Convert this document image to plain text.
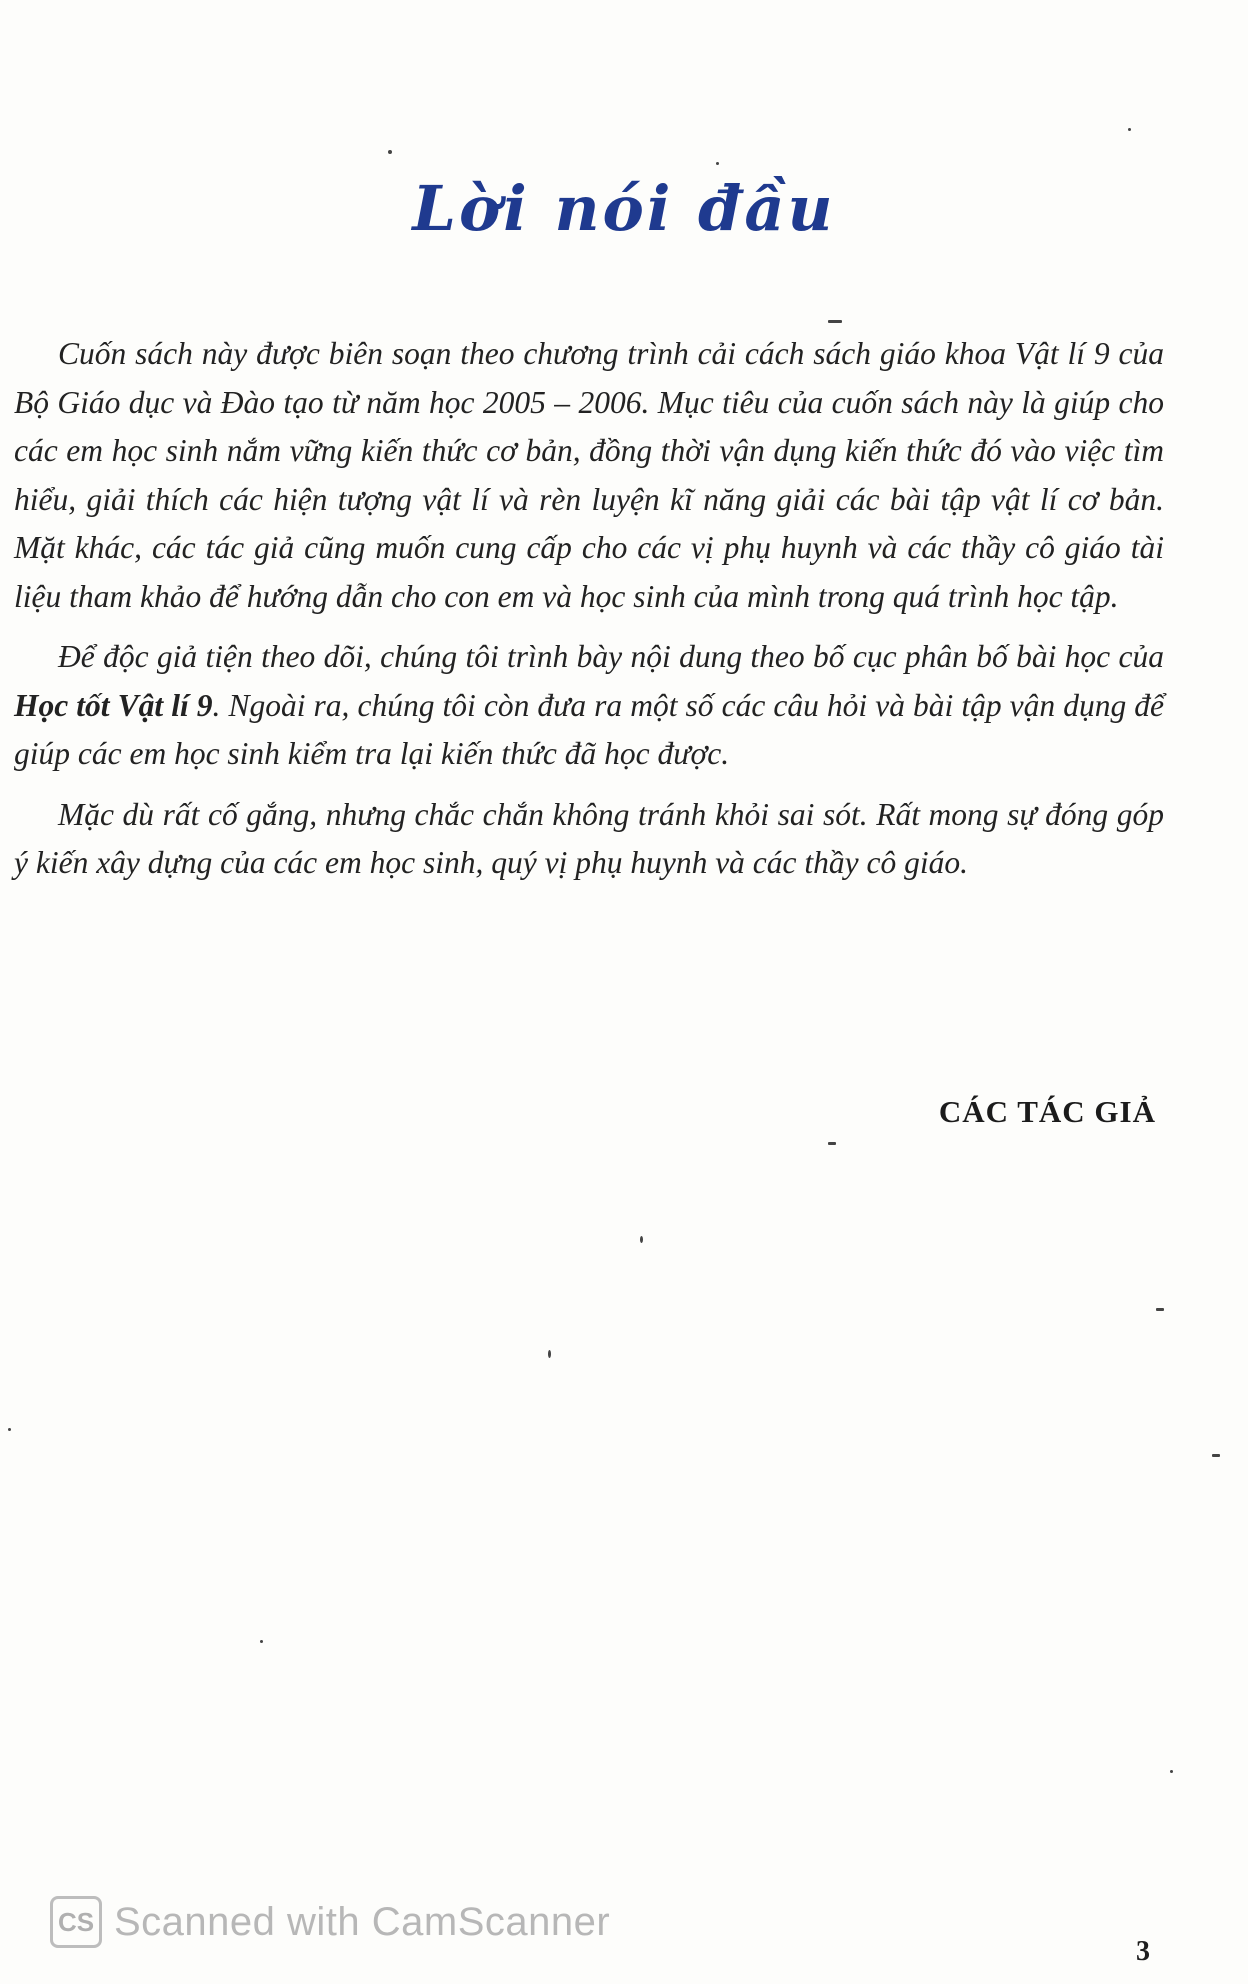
Lời nói đầu

Cuốn sách này được biên soạn theo chương trình cải cách sách giáo khoa Vật lí 9 của Bộ Giáo dục và Đào tạo từ năm học 2005 – 2006. Mục tiêu của cuốn sách này là giúp cho các em học sinh nắm vững kiến thức cơ bản, đồng thời vận dụng kiến thức đó vào việc tìm hiểu, giải thích các hiện tượng vật lí và rèn luyện kĩ năng giải các bài tập vật lí cơ bản. Mặt khác, các tác giả cũng muốn cung cấp cho các vị phụ huynh và các thầy cô giáo tài liệu tham khảo để hướng dẫn cho con em và học sinh của mình trong quá trình học tập.

Để độc giả tiện theo dõi, chúng tôi trình bày nội dung theo bố cục phân bố bài học của Học tốt Vật lí 9. Ngoài ra, chúng tôi còn đưa ra một số các câu hỏi và bài tập vận dụng để giúp các em học sinh kiểm tra lại kiến thức đã học được.

Mặc dù rất cố gắng, nhưng chắc chắn không tránh khỏi sai sót. Rất mong sự đóng góp ý kiến xây dựng của các em học sinh, quý vị phụ huynh và các thầy cô giáo.

CÁC TÁC GIẢ
CS Scanned with CamScanner
3
